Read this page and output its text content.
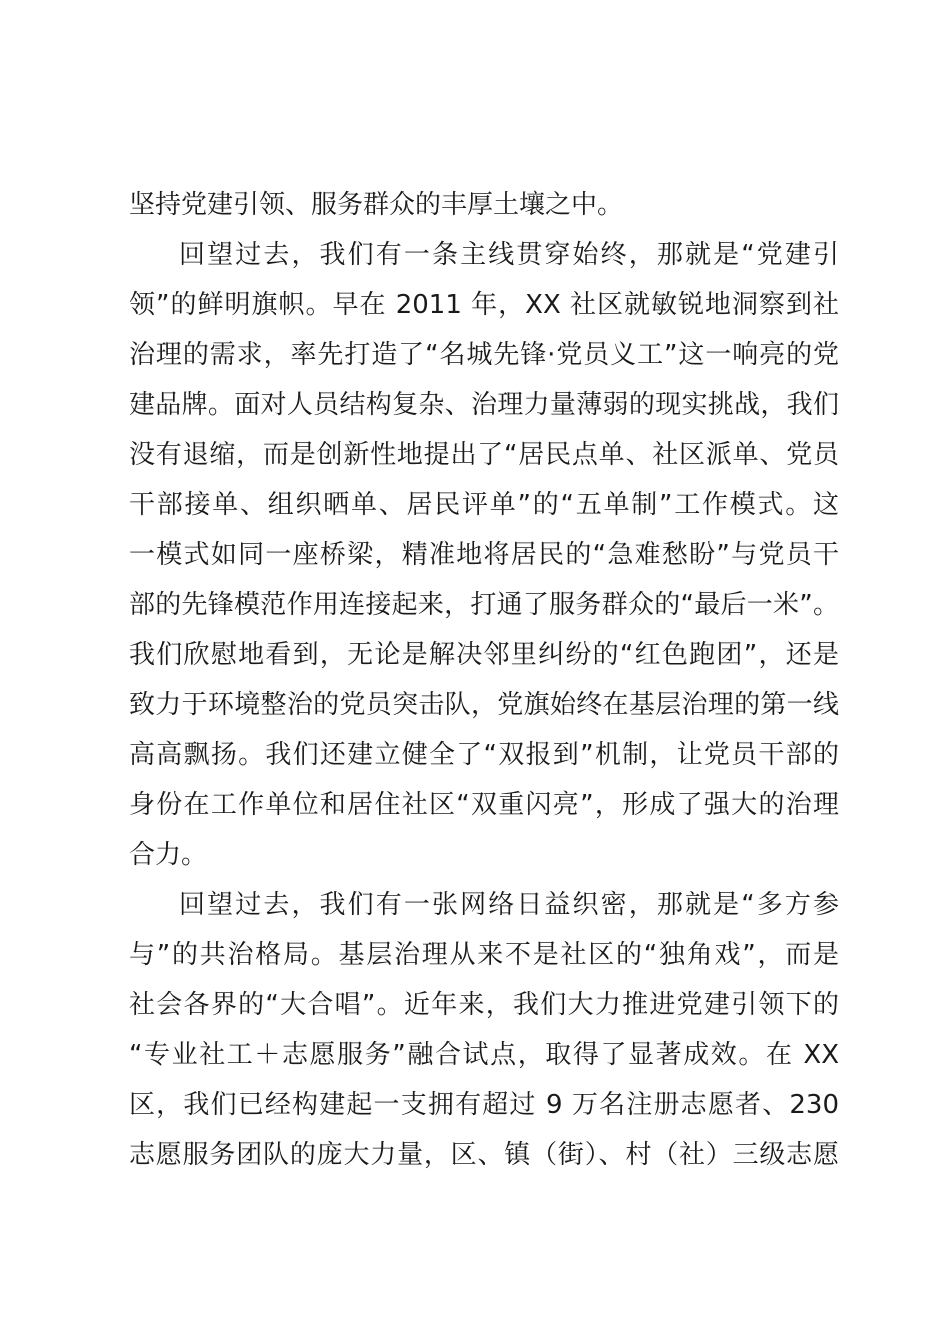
坚持党建引领、服务群众的丰厚土壤之中。
回望过去，我们有一条主线贯穿始终，那就是“党建引
领”的鲜明旗帜。早在 2011 年，XX 社区就敏锐地洞察到社
治理的需求，率先打造了“名城先锋·党员义工”这一响亮的党
建品牌。面对人员结构复杂、治理力量薄弱的现实挑战，我们
没有退缩，而是创新性地提出了“居民点单、社区派单、党员
干部接单、组织晒单、居民评单”的“五单制”工作模式。这
一模式如同一座桥梁，精准地将居民的“急难愁盼”与党员干
部的先锋模范作用连接起来，打通了服务群众的“最后一米”。
我们欣慰地看到，无论是解决邻里纠纷的“红色跑团”，还是
致力于环境整治的党员突击队，党旗始终在基层治理的第一线
高高飘扬。我们还建立健全了“双报到”机制，让党员干部的
身份在工作单位和居住社区“双重闪亮”，形成了强大的治理
合力。
回望过去，我们有一张网络日益织密，那就是“多方参
与”的共治格局。基层治理从来不是社区的“独角戏”，而是
社会各界的“大合唱”。近年来，我们大力推进党建引领下的
“专业社工＋志愿服务”融合试点，取得了显著成效。在 XX
区，我们已经构建起一支拥有超过 9 万名注册志愿者、230
志愿服务团队的庞大力量，区、镇（街）、村（社）三级志愿
